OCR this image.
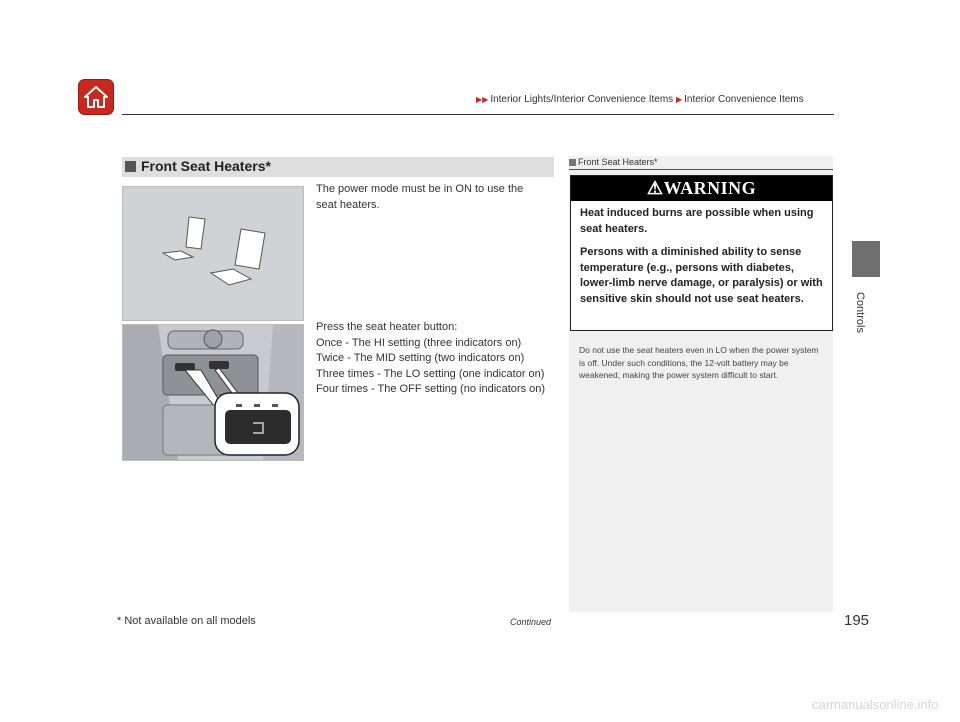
▶▶ Interior Lights/Interior Convenience Items ▶ Interior Convenience Items
Controls
Front Seat Heaters*
The power mode must be in ON to use the
seat heaters.
Press the seat heater button:
Once - The HI setting (three indicators on)
Twice - The MID setting (two indicators on)
Three times - The LO setting (one indicator on)
Four times - The OFF setting (no indicators on)
Front Seat Heaters*
⚠WARNING

Heat induced burns are possible when using seat heaters.

Persons with a diminished ability to sense temperature (e.g., persons with diabetes, lower-limb nerve damage, or paralysis) or with sensitive skin should not use seat heaters.

Do not use the seat heaters even in LO when the power system is off. Under such conditions, the 12-volt battery may be weakened, making the power system difficult to start.
* Not available on all models	Continued	195
carmanualsonline.info
